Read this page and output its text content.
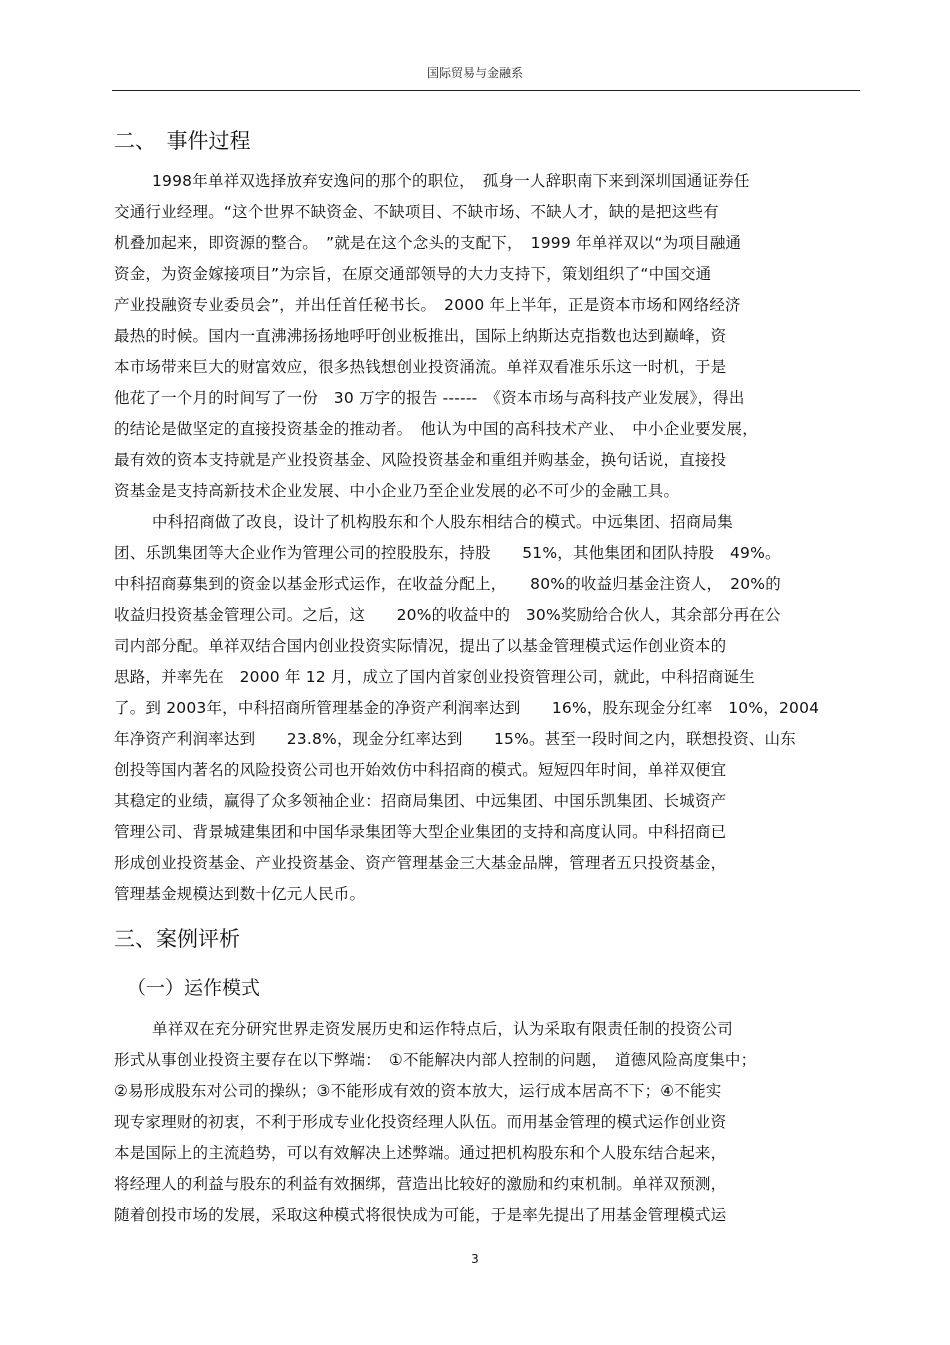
国际贸易与金融系
二、　事件过程
1998年单祥双选择放弃安逸问的那个的职位，　孤身一人辞职南下来到深圳国通证券任
交通行业经理。“这个世界不缺资金、不缺项目、不缺市场、不缺人才，缺的是把这些有
机叠加起来，即资源的整合。　”就是在这个念头的支配下，　1999 年单祥双以“为项目融通
资金，为资金嫁接项目”为宗旨，在原交通部领导的大力支持下，策划组织了“中国交通
产业投融资专业委员会”，并出任首任秘书长。　2000 年上半年，正是资本市场和网络经济
最热的时候。国内一直沸沸扬扬地呼吁创业板推出，国际上纳斯达克指数也达到巅峰，资
本市场带来巨大的财富效应，很多热钱想创业投资涌流。单祥双看准乐乐这一时机，于是
他花了一个月的时间写了一份　30 万字的报告 ------　《资本市场与高科技产业发展》，得出
的结论是做坚定的直接投资基金的推动者。　他认为中国的高科技术产业、　中小企业要发展，
最有效的资本支持就是产业投资基金、风险投资基金和重组并购基金，换句话说，直接投
资基金是支持高新技术企业发展、中小企业乃至企业发展的必不可少的金融工具。
中科招商做了改良，设计了机构股东和个人股东相结合的模式。中远集团、招商局集
团、乐凯集团等大企业作为管理公司的控股股东，持股　　51%，其他集团和团队持股　49%。
中科招商募集到的资金以基金形式运作，在收益分配上，　　80%的收益归基金注资人，　20%的
收益归投资基金管理公司。之后，这　　20%的收益中的　30%奖励给合伙人，其余部分再在公
司内部分配。单祥双结合国内创业投资实际情况，提出了以基金管理模式运作创业资本的
思路，并率先在　2000 年 12 月，成立了国内首家创业投资管理公司，就此，中科招商诞生
了。到 2003年，中科招商所管理基金的净资产利润率达到　　16%，股东现金分红率　10%，2004
年净资产利润率达到　　23.8%，现金分红率达到　　15%。甚至一段时间之内，联想投资、山东
创投等国内著名的风险投资公司也开始效仿中科招商的模式。短短四年时间，单祥双便宜
其稳定的业绩，赢得了众多领袖企业：招商局集团、中远集团、中国乐凯集团、长城资产
管理公司、背景城建集团和中国华录集团等大型企业集团的支持和高度认同。中科招商已
形成创业投资基金、产业投资基金、资产管理基金三大基金品牌，管理者五只投资基金，
管理基金规模达到数十亿元人民币。
三、案例评析
（一）运作模式
单祥双在充分研究世界走资发展历史和运作特点后，认为采取有限责任制的投资公司
形式从事创业投资主要存在以下弊端：　①不能解决内部人控制的问题，　道德风险高度集中；
②易形成股东对公司的操纵；③不能形成有效的资本放大，运行成本居高不下；④不能实
现专家理财的初衷，不利于形成专业化投资经理人队伍。而用基金管理的模式运作创业资
本是国际上的主流趋势，可以有效解决上述弊端。通过把机构股东和个人股东结合起来，
将经理人的利益与股东的利益有效捆绑，营造出比较好的激励和约束机制。单祥双预测，
随着创投市场的发展，采取这种模式将很快成为可能，于是率先提出了用基金管理模式运
3
